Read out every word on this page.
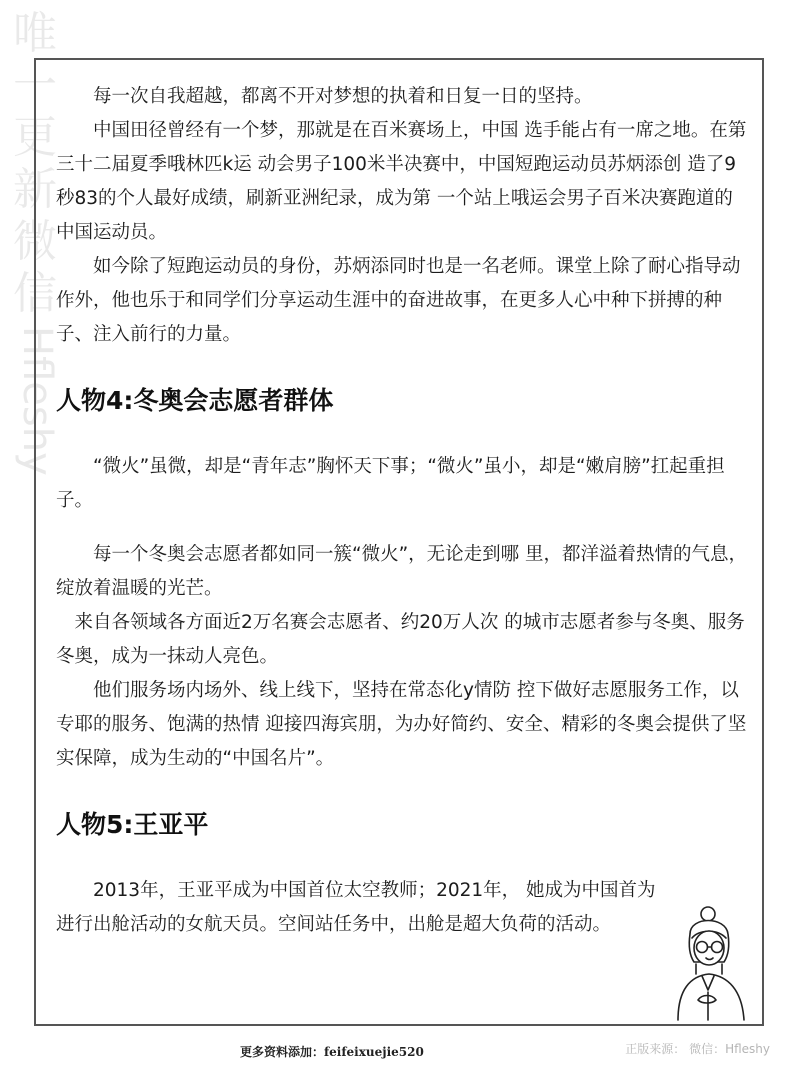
唯
一
更
新
微
信
Hfleshy

每一次自我超越，都离不开对梦想的执着和日复一日的坚持。

中国田径曾经有一个梦，那就是在百米赛场上，中国 选手能占有一席之地。在第三十二届夏季哦林匹k运 动会男子100米半决赛中，中国短跑运动员苏炳添创 造了9秒83的个人最好成绩，刷新亚洲纪录，成为第 一个站上哦运会男子百米决赛跑道的中国运动员。

如今除了短跑运动员的身份，苏炳添同时也是一名老师。课堂上除了耐心指导动作外，他也乐于和同学们分享运动生涯中的奋进故事，在更多人心中种下拼搏的种子、注入前行的力量。

人物4:冬奥会志愿者群体

“微火”虽微，却是“青年志”胸怀天下事；“微火”虽小，却是“嫩肩膀”扛起重担子。

每一个冬奥会志愿者都如同一簇“微火”，无论走到哪 里，都洋溢着热情的气息，绽放着温暖的光芒。

来自各领域各方面近2万名赛会志愿者、约20万人次 的城市志愿者参与冬奥、服务冬奥，成为一抹动人亮色。

他们服务场内场外、线上线下，坚持在常态化y情防 控下做好志愿服务工作，以专耶的服务、饱满的热情 迎接四海宾朋，为办好简约、安全、精彩的冬奥会提供了坚实保障，成为生动的“中国名片”。

人物5:王亚平

2013年，王亚平成为中国首位太空教师；2021年， 她成为中国首为进行出舱活动的女航天员。空间站任务中，出舱是超大负荷的活动。

更多资料添加：feifeixuejie520	正版来源： 微信：Hfleshy
